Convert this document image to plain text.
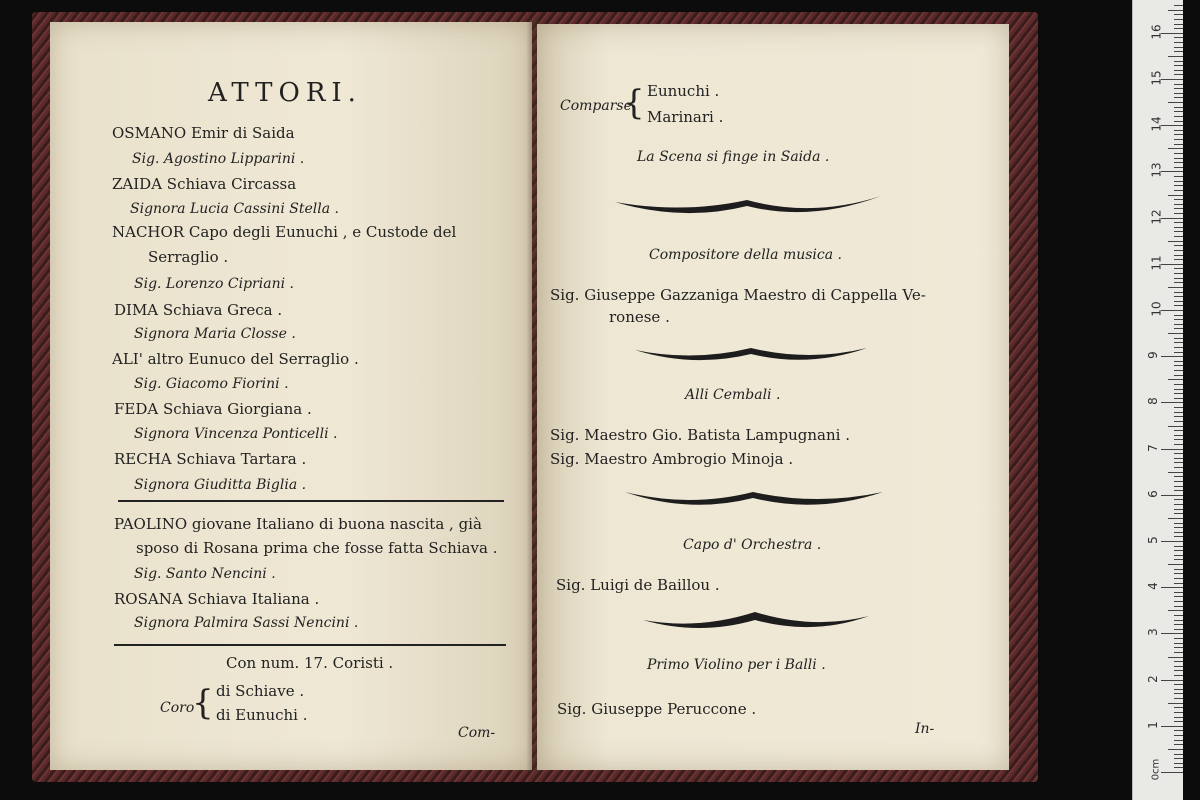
ATTORI.
OSMANO Emir di Saida
Sig. Agostino Lipparini .
ZAIDA Schiava Circassa
Signora Lucia Cassini Stella .
NACHOR Capo degli Eunuchi , e Custode del
Serraglio .
Sig. Lorenzo Cipriani .
DIMA Schiava Greca .
Signora Maria Closse .
ALI' altro Eunuco del Serraglio .
Sig. Giacomo Fiorini .
FEDA Schiava Giorgiana .
Signora Vincenza Ponticelli .
RECHA Schiava Tartara .
Signora Giuditta Biglia .
PAOLINO giovane Italiano di buona nascita , già
sposo di Rosana prima che fosse fatta Schiava .
Sig. Santo Nencini .
ROSANA Schiava Italiana .
Signora Palmira Sassi Nencini .
Con num. 17. Coristi .
Coro
{ di Schiave .
di Eunuchi .
Com-
Comparse
{ Eunuchi .
Marinari .
La Scena si finge in Saida .
Compositore della musica .
Sig. Giuseppe Gazzaniga Maestro di Cappella Ve-
ronese .
Alli Cembali .
Sig. Maestro Gio. Batista Lampugnani .
Sig. Maestro Ambrogio Minoja .
Capo d' Orchestra .
Sig. Luigi de Baillou .
Primo Violino per i Balli .
Sig. Giuseppe Peruccone .
In-
0cm
1
2
3
4
5
6
7
8
9
10
11
12
13
14
15
16
